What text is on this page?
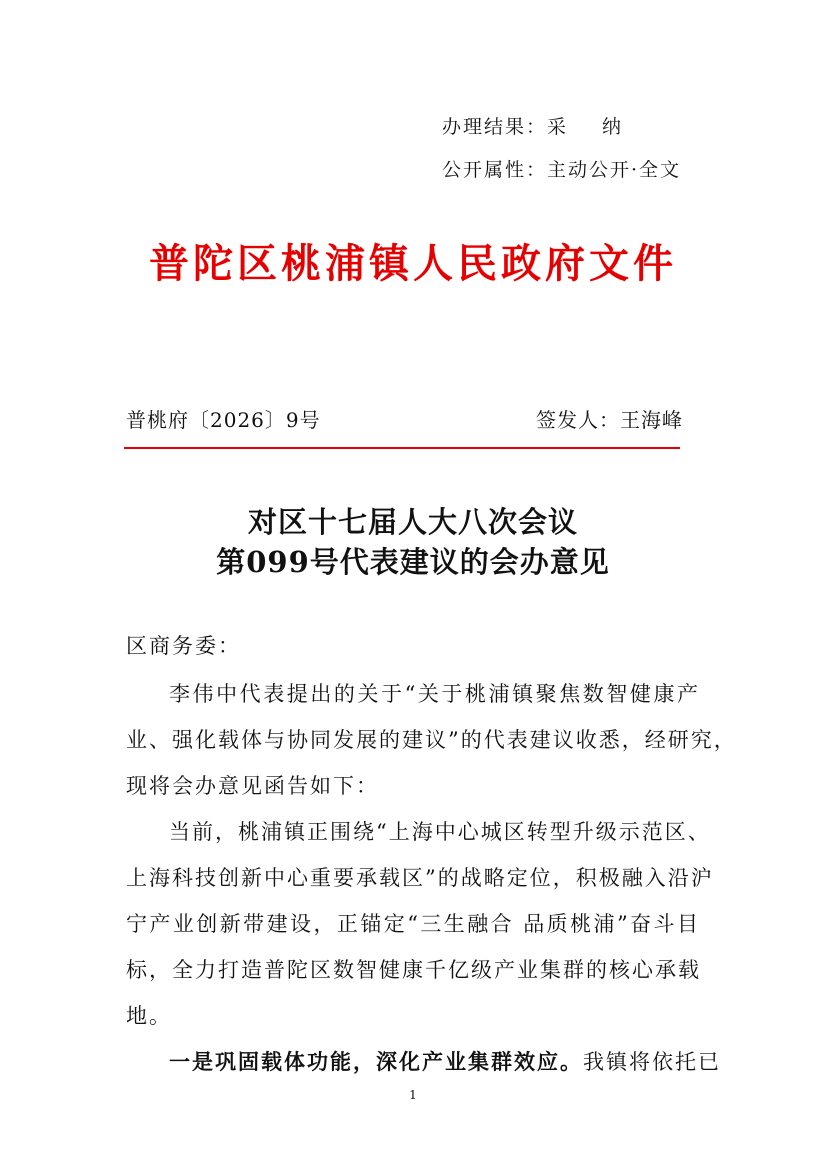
办理结果：采 纳
公开属性：主动公开·全文
普陀区桃浦镇人民政府文件
普桃府〔2026〕9号	签发人：王海峰
对区十七届人大八次会议
第099号代表建议的会办意见
区商务委：
李伟中代表提出的关于“关于桃浦镇聚焦数智健康产
业、强化载体与协同发展的建议”的代表建议收悉，经研究，
现将会办意见函告如下：
当前，桃浦镇正围绕“上海中心城区转型升级示范区、
上海科技创新中心重要承载区”的战略定位，积极融入沿沪
宁产业创新带建设，正锚定“三生融合 品质桃浦”奋斗目
标，全力打造普陀区数智健康千亿级产业集群的核心承载
地。
一是巩固载体功能，深化产业集群效应。我镇将依托已
1
